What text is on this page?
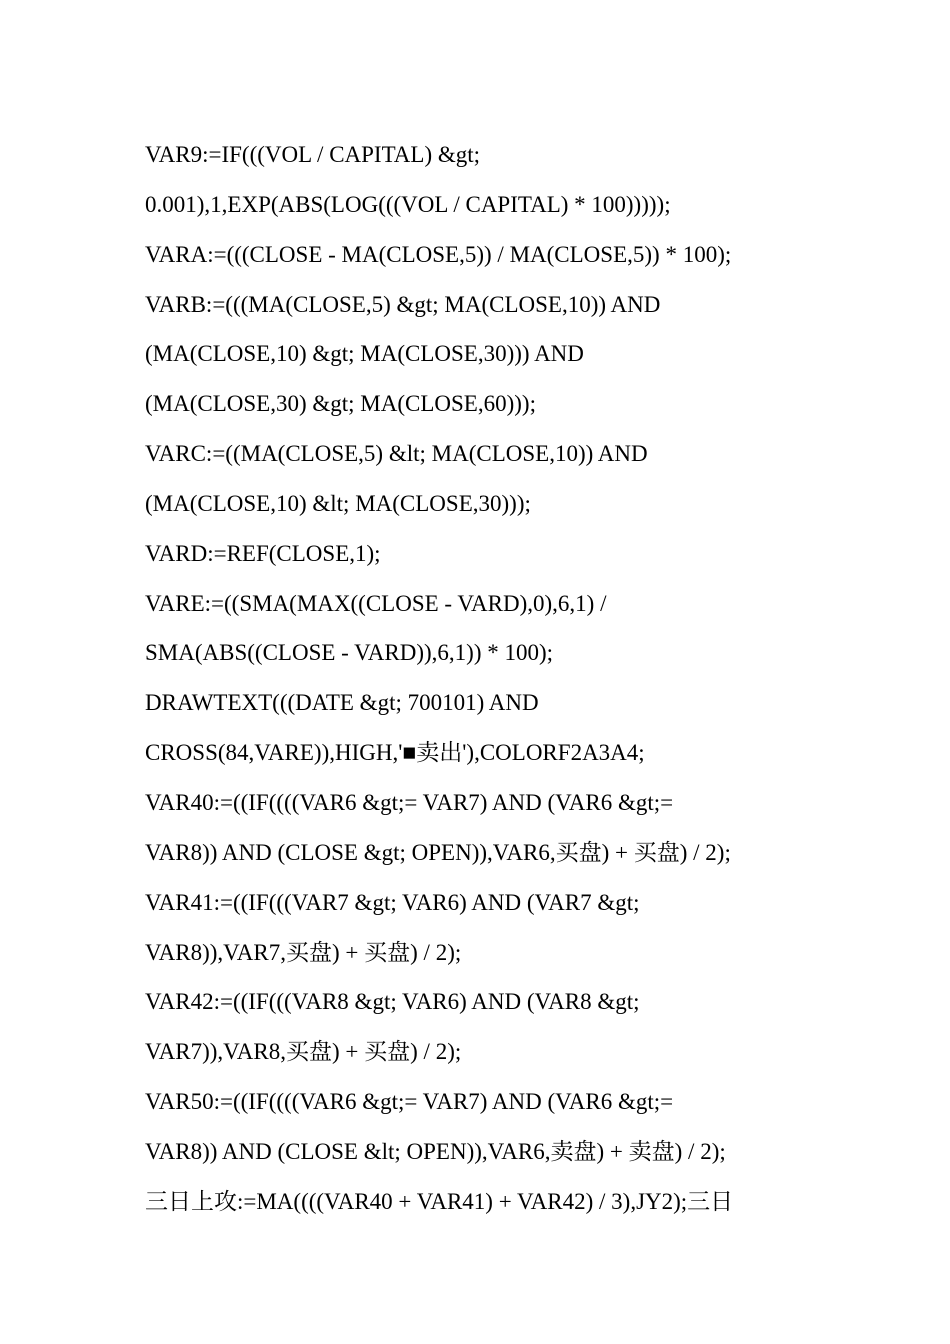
VAR9:=IF(((VOL / CAPITAL) &gt;
0.001),1,EXP(ABS(LOG(((VOL / CAPITAL) * 100)))));
VARA:=(((CLOSE - MA(CLOSE,5)) / MA(CLOSE,5)) * 100);
VARB:=(((MA(CLOSE,5) &gt; MA(CLOSE,10)) AND
(MA(CLOSE,10) &gt; MA(CLOSE,30))) AND
(MA(CLOSE,30) &gt; MA(CLOSE,60)));
VARC:=((MA(CLOSE,5) &lt; MA(CLOSE,10)) AND
(MA(CLOSE,10) &lt; MA(CLOSE,30)));
VARD:=REF(CLOSE,1);
VARE:=((SMA(MAX((CLOSE - VARD),0),6,1) /
SMA(ABS((CLOSE - VARD)),6,1)) * 100);
DRAWTEXT(((DATE &gt; 700101) AND
CROSS(84,VARE)),HIGH,'■卖出'),COLORF2A3A4;
VAR40:=((IF((((VAR6 &gt;= VAR7) AND (VAR6 &gt;=
VAR8)) AND (CLOSE &gt; OPEN)),VAR6,买盘) + 买盘) / 2);
VAR41:=((IF(((VAR7 &gt; VAR6) AND (VAR7 &gt;
VAR8)),VAR7,买盘) + 买盘) / 2);
VAR42:=((IF(((VAR8 &gt; VAR6) AND (VAR8 &gt;
VAR7)),VAR8,买盘) + 买盘) / 2);
VAR50:=((IF((((VAR6 &gt;= VAR7) AND (VAR6 &gt;=
VAR8)) AND (CLOSE &lt; OPEN)),VAR6,卖盘) + 卖盘) / 2);
三日上攻:=MA((((VAR40 + VAR41) + VAR42) / 3),JY2);三日
